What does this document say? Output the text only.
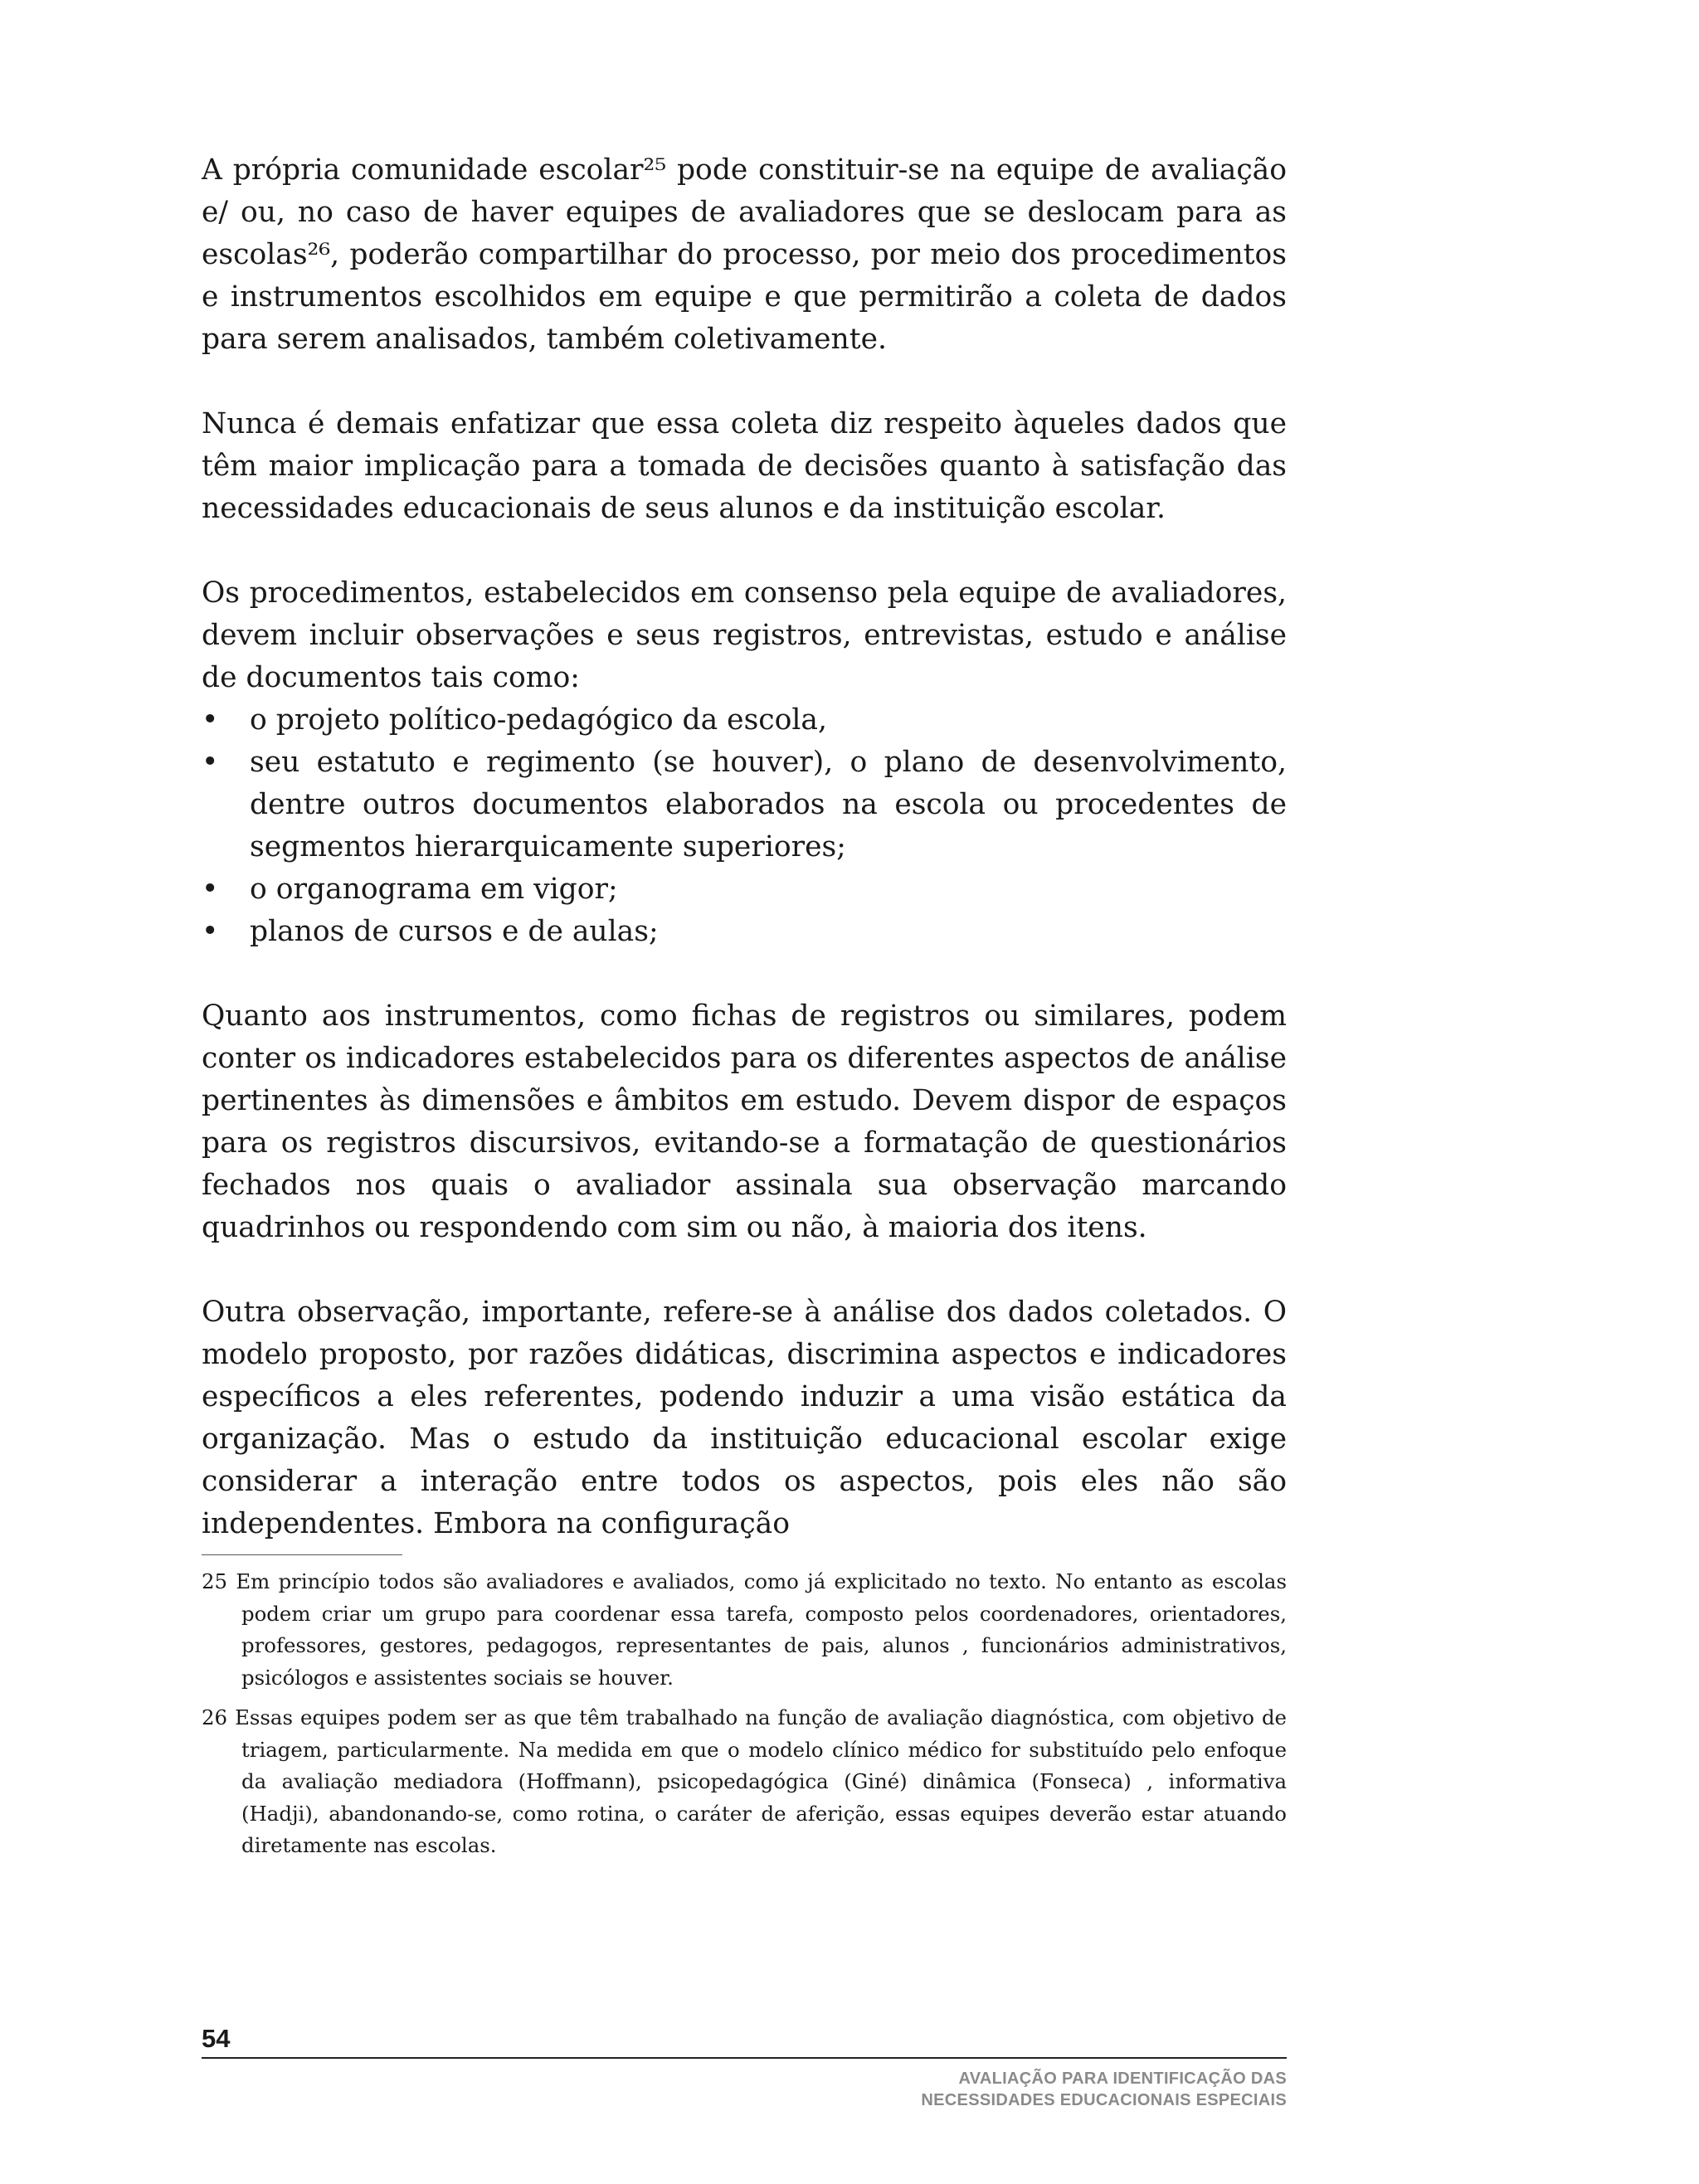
A própria comunidade escolar²⁵ pode constituir-se na equipe de avaliação e/ ou, no caso de haver equipes de avaliadores que se deslocam para as escolas²⁶, poderão compartilhar do processo, por meio dos procedimentos e instrumentos escolhidos em equipe e que permitirão a coleta de dados para serem analisados, também coletivamente.

Nunca é demais enfatizar que essa coleta diz respeito àqueles dados que têm maior implicação para a tomada de decisões quanto à satisfação das necessidades educacionais de seus alunos e da instituição escolar.

Os procedimentos, estabelecidos em consenso pela equipe de avaliadores, devem incluir observações e seus registros, entrevistas, estudo e análise de documentos tais como:

• o projeto político-pedagógico da escola,
• seu estatuto e regimento (se houver), o plano de desenvolvimento, dentre outros documentos elaborados na escola ou procedentes de segmentos hierarquicamente superiores;
• o organograma em vigor;
• planos de cursos e de aulas;

Quanto aos instrumentos, como fichas de registros ou similares, podem conter os indicadores estabelecidos para os diferentes aspectos de análise pertinentes às dimensões e âmbitos em estudo. Devem dispor de espaços para os registros discursivos, evitando-se a formatação de questionários fechados nos quais o avaliador assinala sua observação marcando quadrinhos ou respondendo com sim ou não, à maioria dos itens.

Outra observação, importante, refere-se à análise dos dados coletados. O modelo proposto, por razões didáticas, discrimina aspectos e indicadores específicos a eles referentes, podendo induzir a uma visão estática da organização. Mas o estudo da instituição educacional escolar exige considerar a interação entre todos os aspectos, pois eles não são independentes. Embora na configuração

25 Em princípio todos são avaliadores e avaliados, como já explicitado no texto. No entanto as escolas podem criar um grupo para coordenar essa tarefa, composto pelos coordenadores, orientadores, professores, gestores, pedagogos, representantes de pais, alunos , funcionários administrativos, psicólogos e assistentes sociais se houver.

26 Essas equipes podem ser as que têm trabalhado na função de avaliação diagnóstica, com objetivo de triagem, particularmente. Na medida em que o modelo clínico médico for substituído pelo enfoque da avaliação mediadora (Hoffmann), psicopedagógica (Giné) dinâmica (Fonseca) , informativa (Hadji), abandonando-se, como rotina, o caráter de aferição, essas equipes deverão estar atuando diretamente nas escolas.

54
AVALIAÇÃO PARA IDENTIFICAÇÃO DAS
NECESSIDADES EDUCACIONAIS ESPECIAIS
